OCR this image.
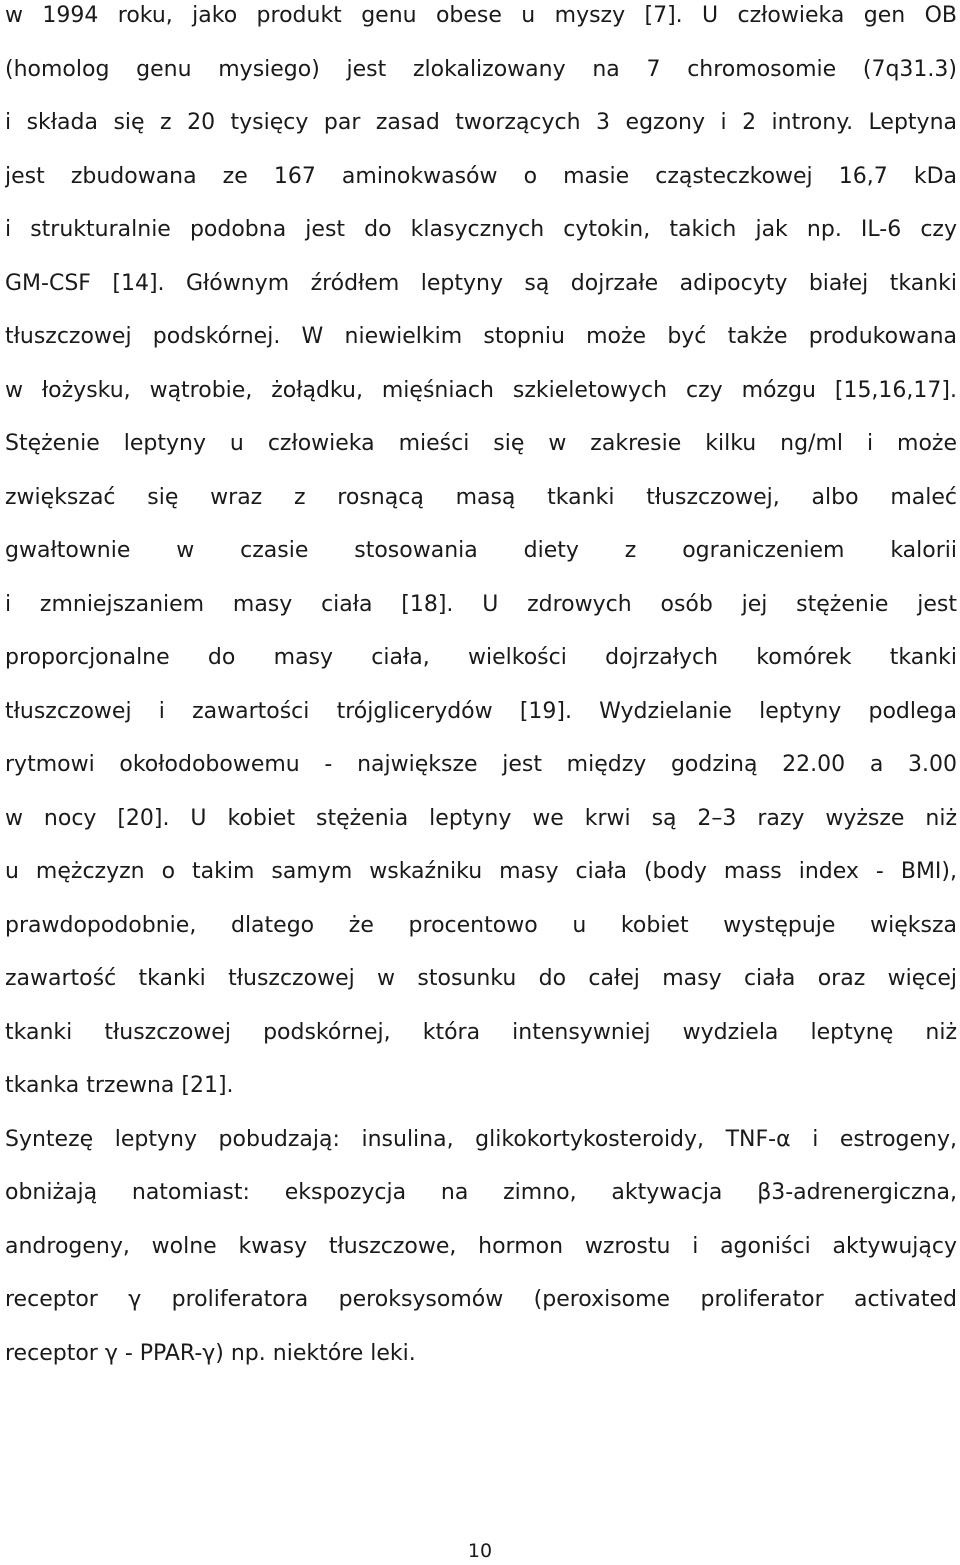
w 1994 roku, jako produkt genu obese u myszy [7]. U człowieka gen OB
(homolog genu mysiego) jest zlokalizowany na 7 chromosomie (7q31.3)
i składa się z 20 tysięcy par zasad tworzących 3 egzony i 2 introny. Leptyna
jest zbudowana ze 167 aminokwasów o masie cząsteczkowej 16,7 kDa
i strukturalnie podobna jest do klasycznych cytokin, takich jak np. IL-6 czy
GM-CSF [14]. Głównym źródłem leptyny są dojrzałe adipocyty białej tkanki
tłuszczowej podskórnej. W niewielkim stopniu może być także produkowana
w łożysku, wątrobie, żołądku, mięśniach szkieletowych czy mózgu [15,16,17].
Stężenie leptyny u człowieka mieści się w zakresie kilku ng/ml i może
zwiększać się wraz z rosnącą masą tkanki tłuszczowej, albo maleć
gwałtownie w czasie stosowania diety z ograniczeniem kalorii
i zmniejszaniem masy ciała [18]. U zdrowych osób jej stężenie jest
proporcjonalne do masy ciała, wielkości dojrzałych komórek tkanki
tłuszczowej i zawartości trójglicerydów [19]. Wydzielanie leptyny podlega
rytmowi okołodobowemu - największe jest między godziną 22.00 a 3.00
w nocy [20]. U kobiet stężenia leptyny we krwi są 2–3 razy wyższe niż
u mężczyzn o takim samym wskaźniku masy ciała (body mass index - BMI),
prawdopodobnie, dlatego że procentowo u kobiet występuje większa
zawartość tkanki tłuszczowej w stosunku do całej masy ciała oraz więcej
tkanki tłuszczowej podskórnej, która intensywniej wydziela leptynę niż
tkanka trzewna [21].
Syntezę leptyny pobudzają: insulina, glikokortykosteroidy, TNF-α i estrogeny,
obniżają natomiast: ekspozycja na zimno, aktywacja β3-adrenergiczna,
androgeny, wolne kwasy tłuszczowe, hormon wzrostu i agoniści aktywujący
receptor γ proliferatora peroksysomów (peroxisome proliferator activated
receptor γ - PPAR-γ) np. niektóre leki.
10
